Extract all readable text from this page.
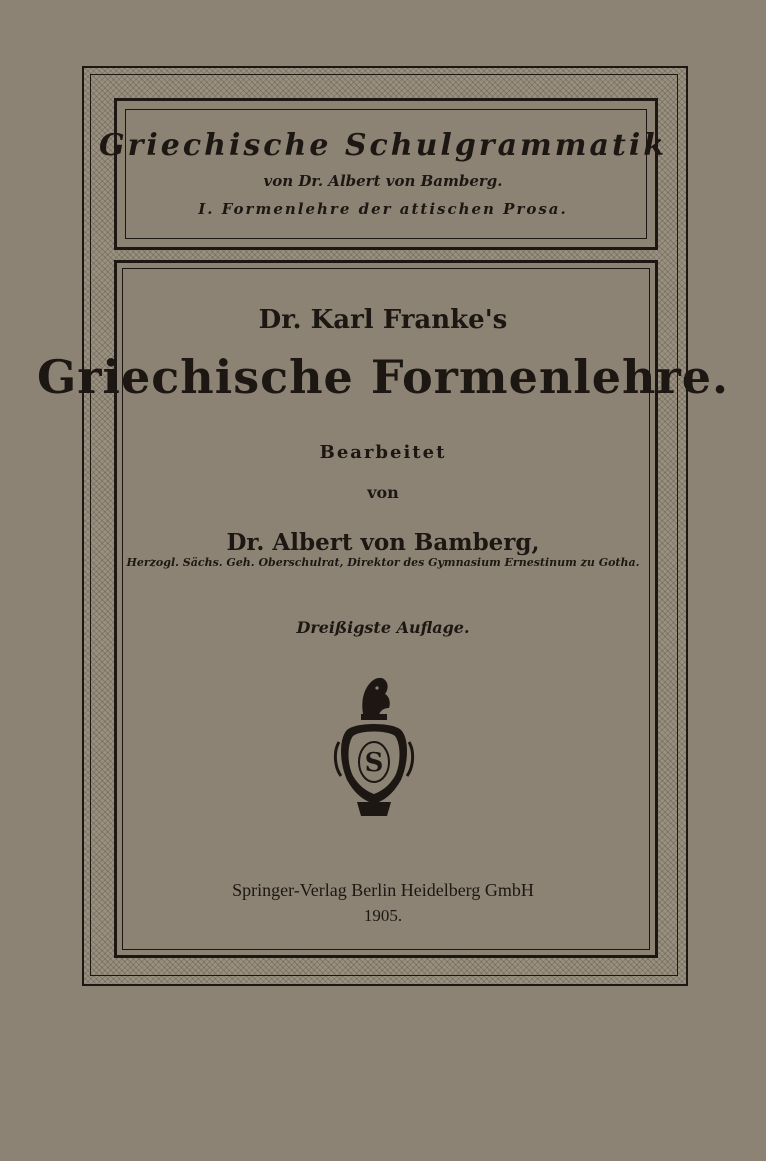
Griechische Schulgrammatik
von Dr. Albert von Bamberg.
I. Formenlehre der attischen Prosa.
Dr. Karl Franke's
Griechische Formenlehre.
Bearbeitet
von
Dr. Albert von Bamberg,
Herzogl. Sächs. Geh. Oberschulrat, Direktor des Gymnasium Ernestinum zu Gotha.
Dreißigste Auflage.
S
Springer-Verlag Berlin Heidelberg GmbH
1905.
